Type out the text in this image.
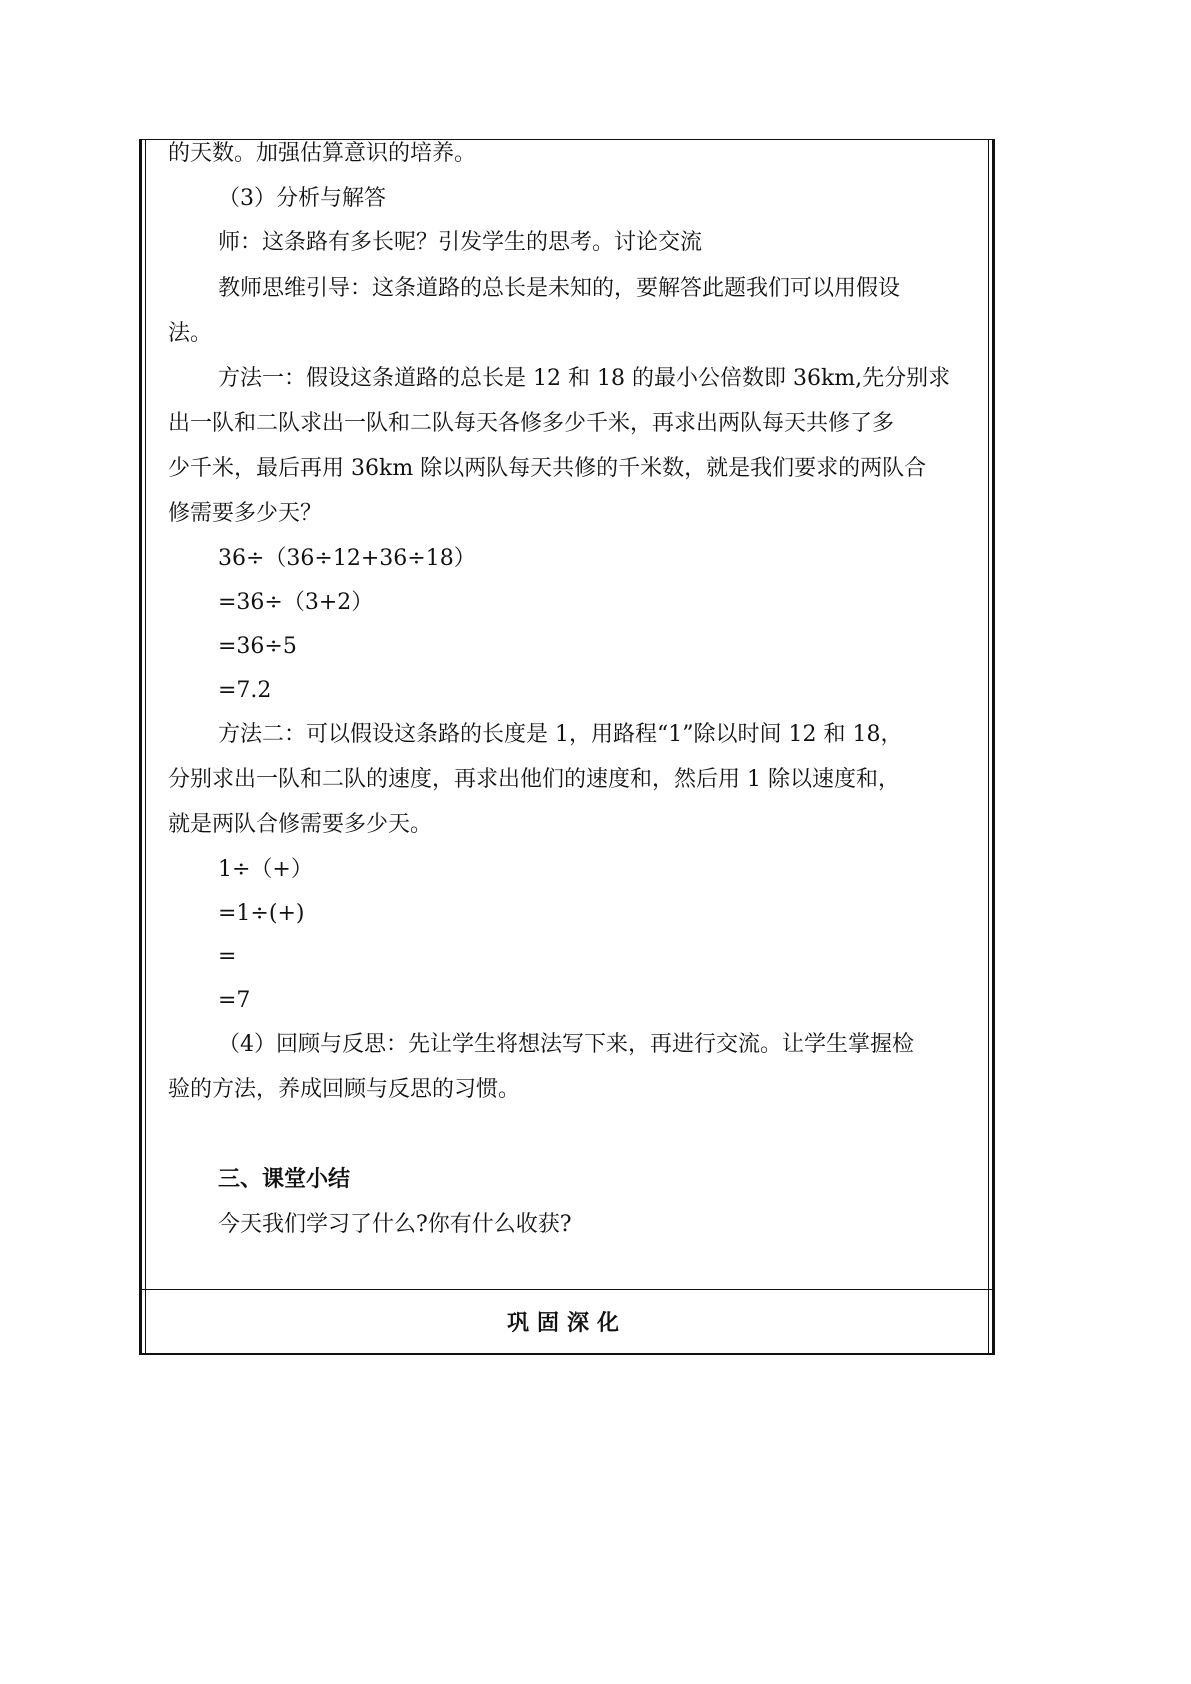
的天数。加强估算意识的培养。
（3）分析与解答
师：这条路有多长呢？引发学生的思考。讨论交流
教师思维引导：这条道路的总长是未知的，要解答此题我们可以用假设
法。
方法一：假设这条道路的总长是 12 和 18 的最小公倍数即 36km,先分别求
出一队和二队求出一队和二队每天各修多少千米，再求出两队每天共修了多
少千米，最后再用 36km 除以两队每天共修的千米数，就是我们要求的两队合
修需要多少天？
36÷（36÷12+36÷18）
=36÷（3+2）
=36÷5
=7.2
方法二：可以假设这条路的长度是 1，用路程“1”除以时间 12 和 18，
分别求出一队和二队的速度，再求出他们的速度和，然后用 1 除以速度和，
就是两队合修需要多少天。
1÷（+）
=1÷(+)
=
=7
（4）回顾与反思：先让学生将想法写下来，再进行交流。让学生掌握检
验的方法，养成回顾与反思的习惯。
三、课堂小结
今天我们学习了什么?你有什么收获?
巩固深化
